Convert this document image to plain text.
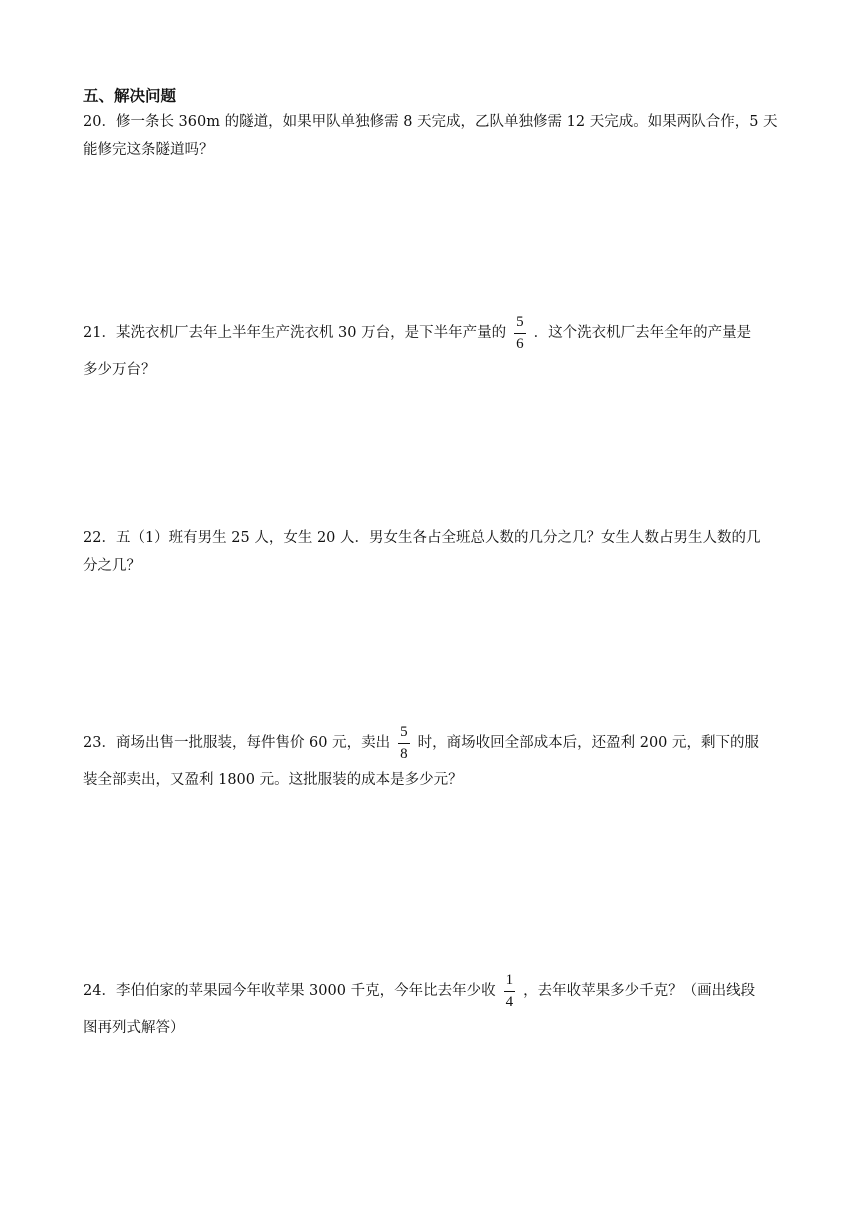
五、解决问题
20．修一条长 360m 的隧道，如果甲队单独修需 8 天完成，乙队单独修需 12 天完成。如果两队合作，5 天
能修完这条隧道吗？
21．某洗衣机厂去年上半年生产洗衣机 30 万台，是下半年产量的 $\frac{5}{6}$ ．这个洗衣机厂去年全年的产量是
多少万台？
22．五（1）班有男生 25 人，女生 20 人．男女生各占全班总人数的几分之几？女生人数占男生人数的几
分之几？
23．商场出售一批服装，每件售价 60 元，卖出 $\frac{5}{8}$ 时，商场收回全部成本后，还盈利 200 元，剩下的服
装全部卖出，又盈利 1800 元。这批服装的成本是多少元？
24．李伯伯家的苹果园今年收苹果 3000 千克，今年比去年少收 $\frac{1}{4}$ ，去年收苹果多少千克？（画出线段
图再列式解答）
